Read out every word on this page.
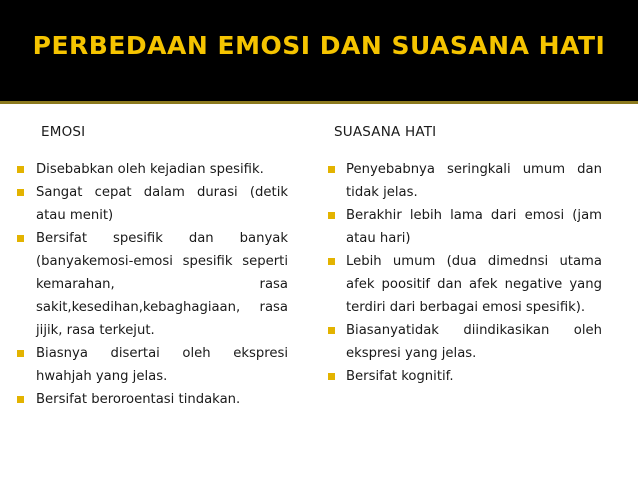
PERBEDAAN EMOSI DAN SUASANA HATI
EMOSI
Disebabkan oleh kejadian spesifik.
Sangat cepat dalam durasi (detik atau menit)
Bersifat spesifik dan banyak (banyakemosi-emosi spesifik seperti kemarahan, rasa sakit,kesedihan,kebaghagiaan, rasa jijik, rasa terkejut.
Biasnya disertai oleh ekspresi hwahjah yang jelas.
Bersifat beroroentasi tindakan.
SUASANA HATI
Penyebabnya seringkali umum dan tidak jelas.
Berakhir lebih lama dari emosi (jam atau hari)
Lebih umum (dua dimednsi utama afek poositif dan afek negative yang terdiri dari berbagai emosi spesifik).
Biasanyatidak diindikasikan oleh ekspresi yang jelas.
Bersifat kognitif.
